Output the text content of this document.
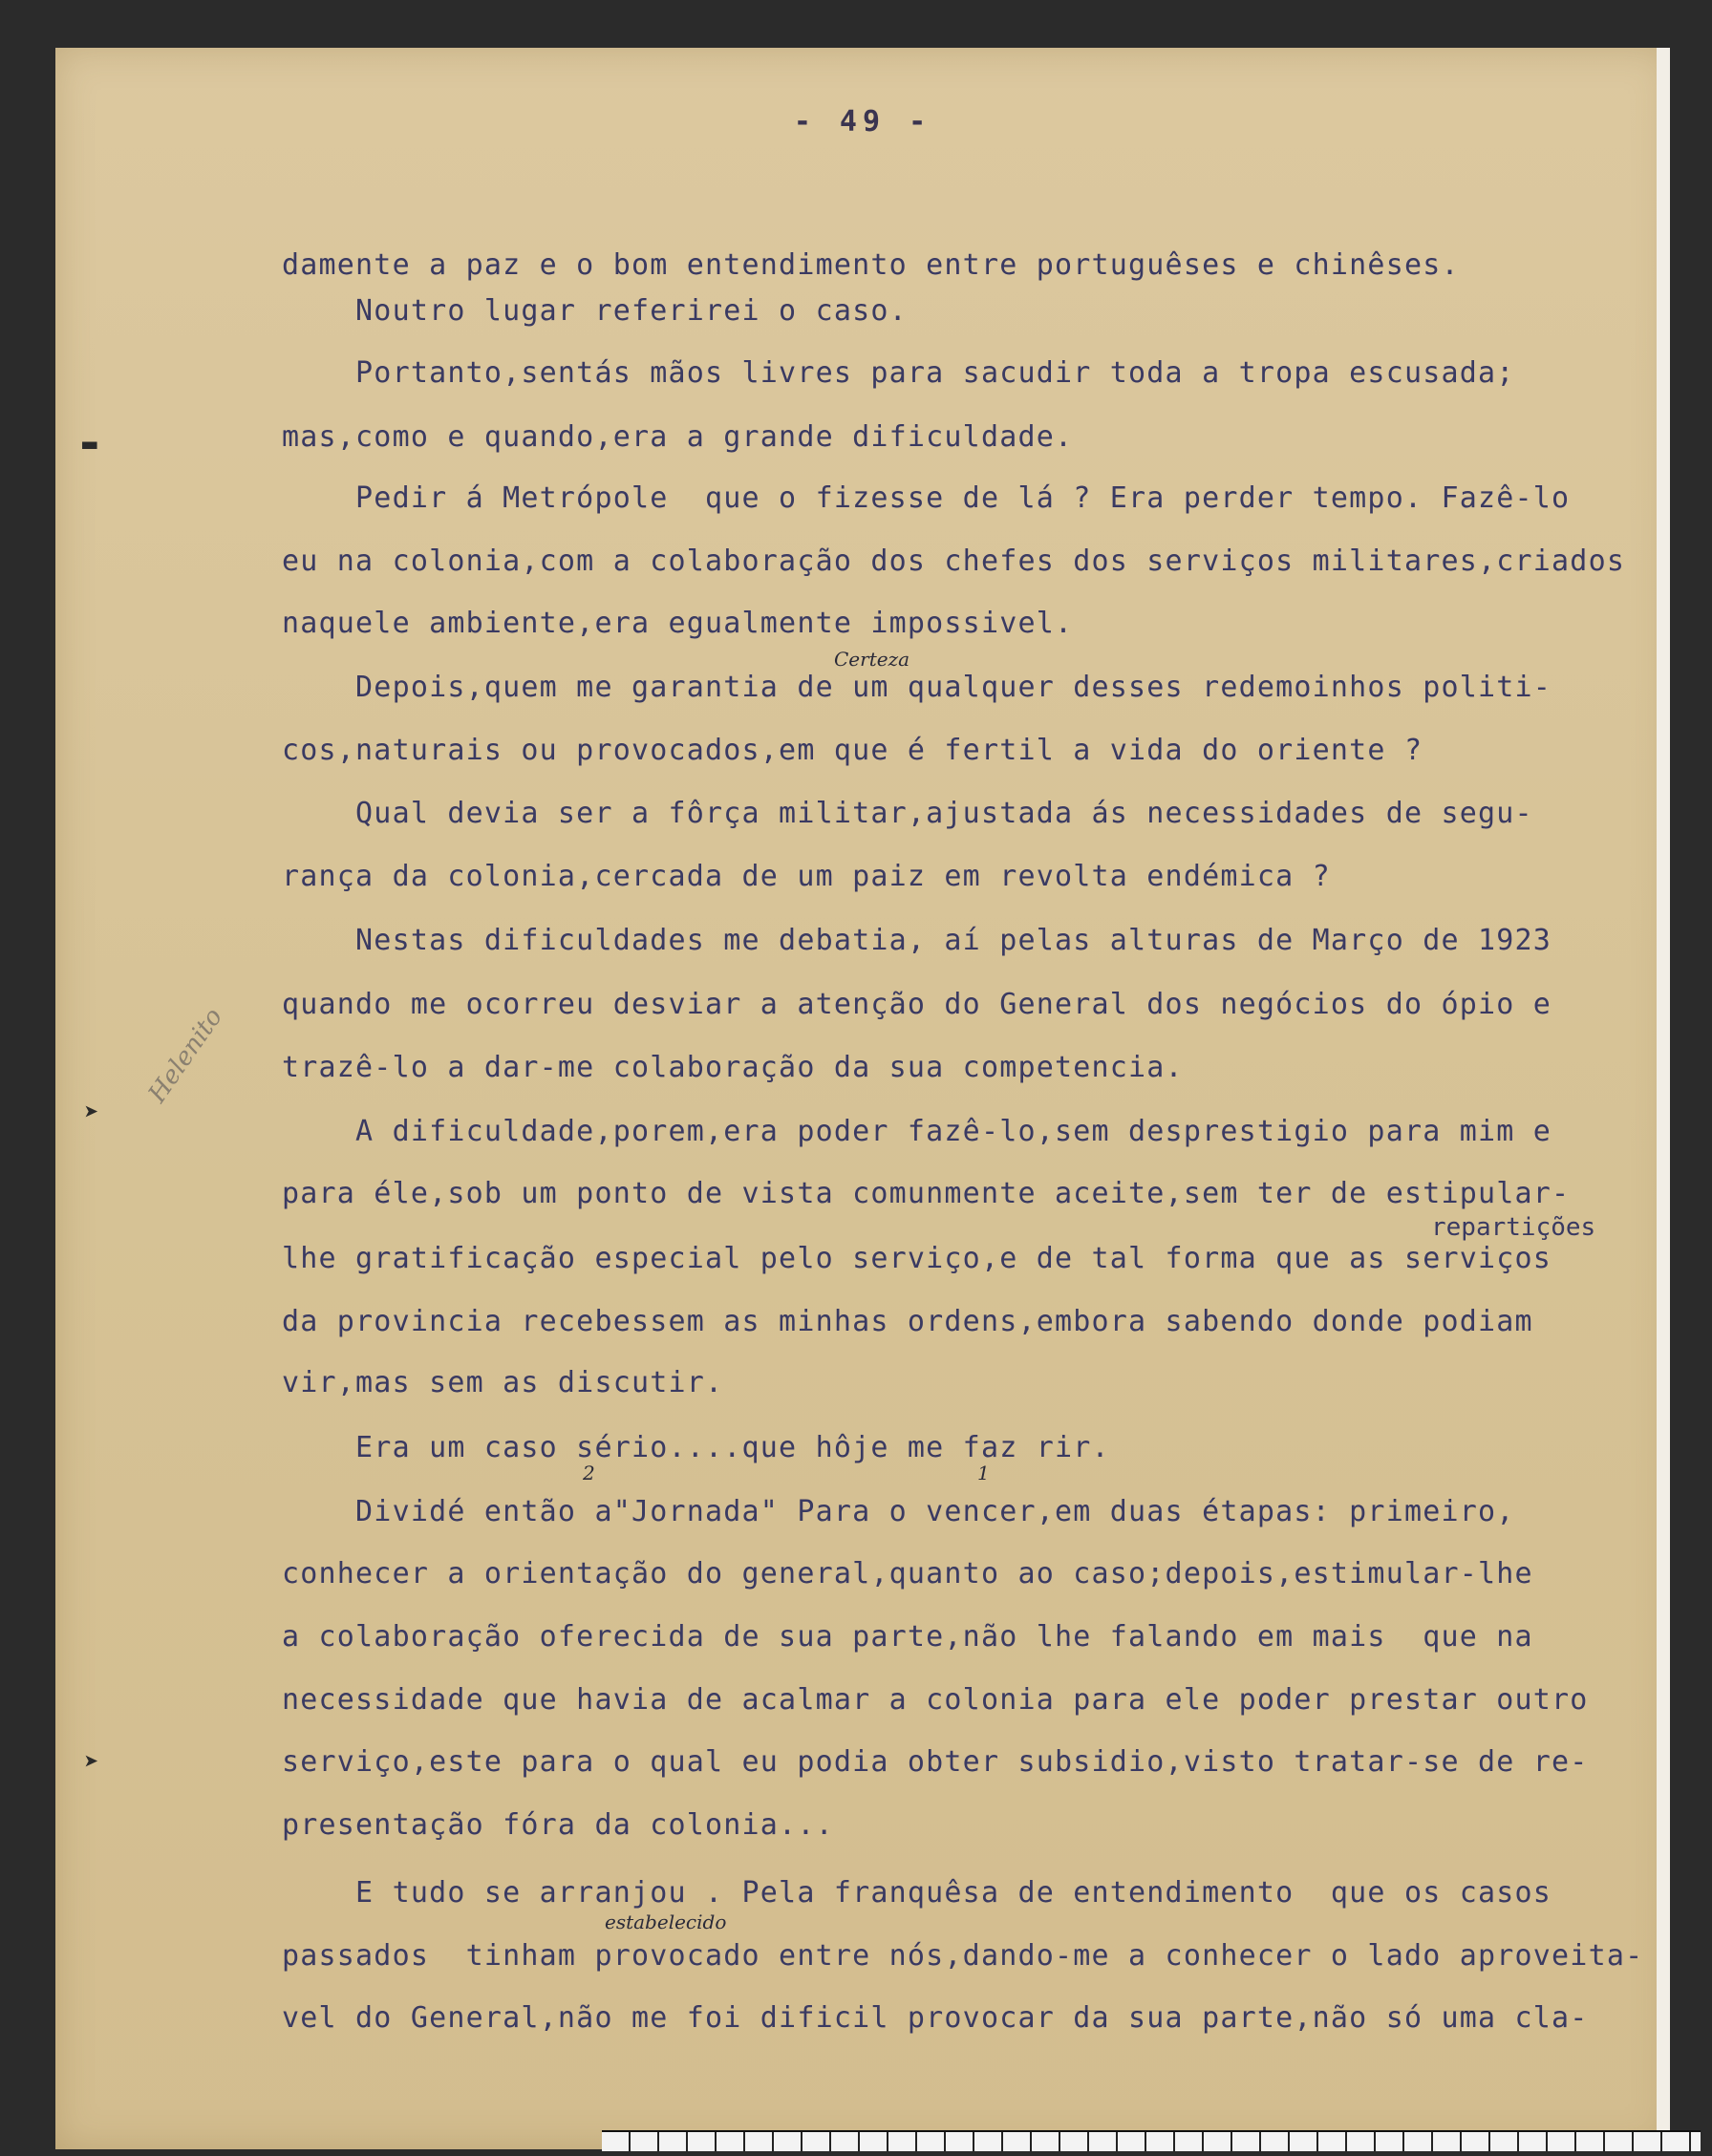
- 49 -
damente a paz e o bom entendimento entre portuguêses e chinêses.
Noutro lugar referirei o caso.
Portanto,sentás mãos livres para sacudir toda a tropa escusada;
mas,como e quando,era a grande dificuldade.
Pedir á Metrópole  que o fizesse de lá ? Era perder tempo. Fazê-lo
eu na colonia,com a colaboração dos chefes dos serviços militares,criados
naquele ambiente,era egualmente impossivel.
Depois,quem me garantia de um qualquer desses redemoinhos politi-
cos,naturais ou provocados,em que é fertil a vida do oriente ?
Qual devia ser a fôrça militar,ajustada ás necessidades de segu-
rança da colonia,cercada de um paiz em revolta endémica ?
Nestas dificuldades me debatia, aí pelas alturas de Março de 1923
quando me ocorreu desviar a atenção do General dos negócios do ópio e
trazê-lo a dar-me colaboração da sua competencia.
A dificuldade,porem,era poder fazê-lo,sem desprestigio para mim e
para éle,sob um ponto de vista comunmente aceite,sem ter de estipular-
lhe gratificação especial pelo serviço,e de tal forma que as serviços
da provincia recebessem as minhas ordens,embora sabendo donde podiam
vir,mas sem as discutir.
Era um caso sério....que hôje me faz rir.
Dividé então a"Jornada" Para o vencer,em duas étapas: primeiro,
conhecer a orientação do general,quanto ao caso;depois,estimular-lhe
a colaboração oferecida de sua parte,não lhe falando em mais  que na
necessidade que havia de acalmar a colonia para ele poder prestar outro
serviço,este para o qual eu podia obter subsidio,visto tratar-se de re-
presentação fóra da colonia...
E tudo se arranjou . Pela franquêsa de entendimento  que os casos
passados  tinham provocado entre nós,dando-me a conhecer o lado aproveita-
vel do General,não me foi dificil provocar da sua parte,não só uma cla-
Certeza
repartições
estabelecido
2	1
Helenito
▬
➤
➤
